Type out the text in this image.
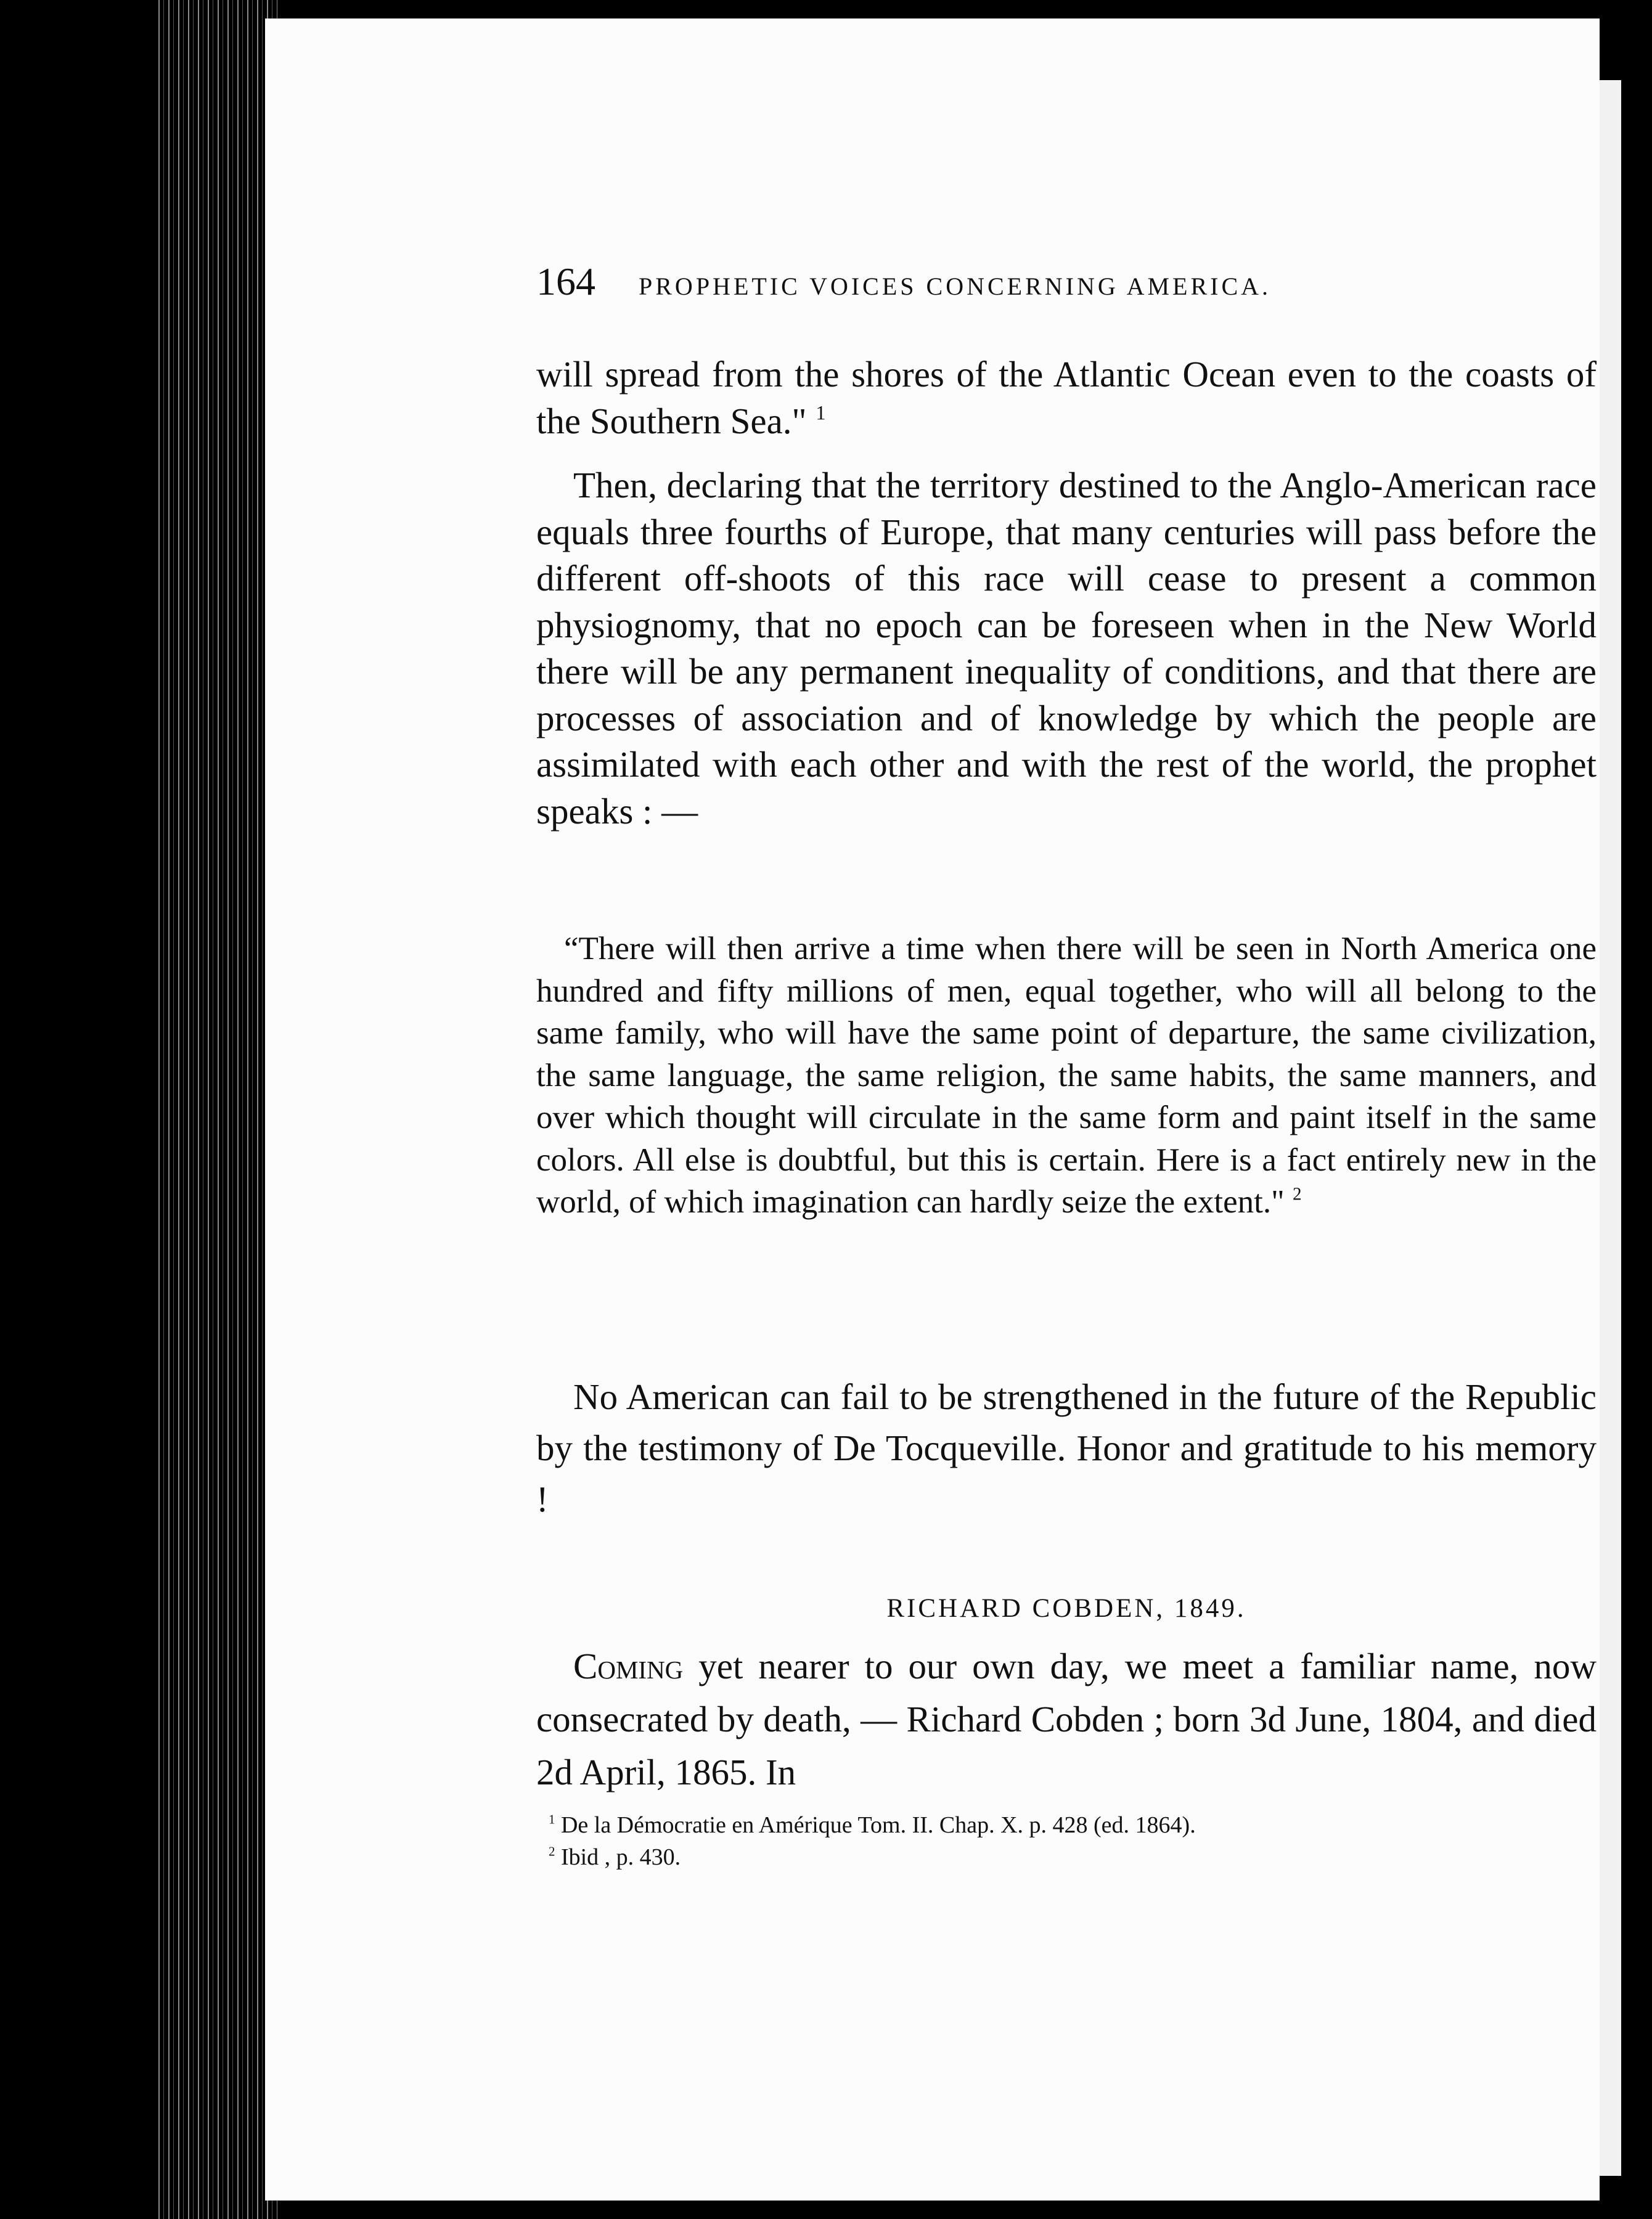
164 PROPHETIC VOICES CONCERNING AMERICA.
will spread from the shores of the Atlantic Ocean even to the coasts of the Southern Sea." $^1$
Then, declaring that the territory destined to the Anglo-American race equals three fourths of Europe, that many centuries will pass before the different off-shoots of this race will cease to present a common physiognomy, that no epoch can be foreseen when in the New World there will be any permanent inequality of conditions, and that there are processes of association and of knowledge by which the people are assimilated with each other and with the rest of the world, the prophet speaks : —
“There will then arrive a time when there will be seen in North America one hundred and fifty millions of men, equal together, who will all belong to the same family, who will have the same point of departure, the same civilization, the same language, the same religion, the same habits, the same manners, and over which thought will circulate in the same form and paint itself in the same colors. All else is doubtful, but this is certain. Here is a fact entirely new in the world, of which imagination can hardly seize the extent." $^2$
No American can fail to be strengthened in the future of the Republic by the testimony of De Tocqueville. Honor and gratitude to his memory !
RICHARD COBDEN, 1849.
Coming yet nearer to our own day, we meet a familiar name, now consecrated by death, — Richard Cobden ; born 3d June, 1804, and died 2d April, 1865. In
$^1$ De la Démocratie en Amérique Tom. II. Chap. X. p. 428 (ed. 1864).
$^2$ Ibid , p. 430.
